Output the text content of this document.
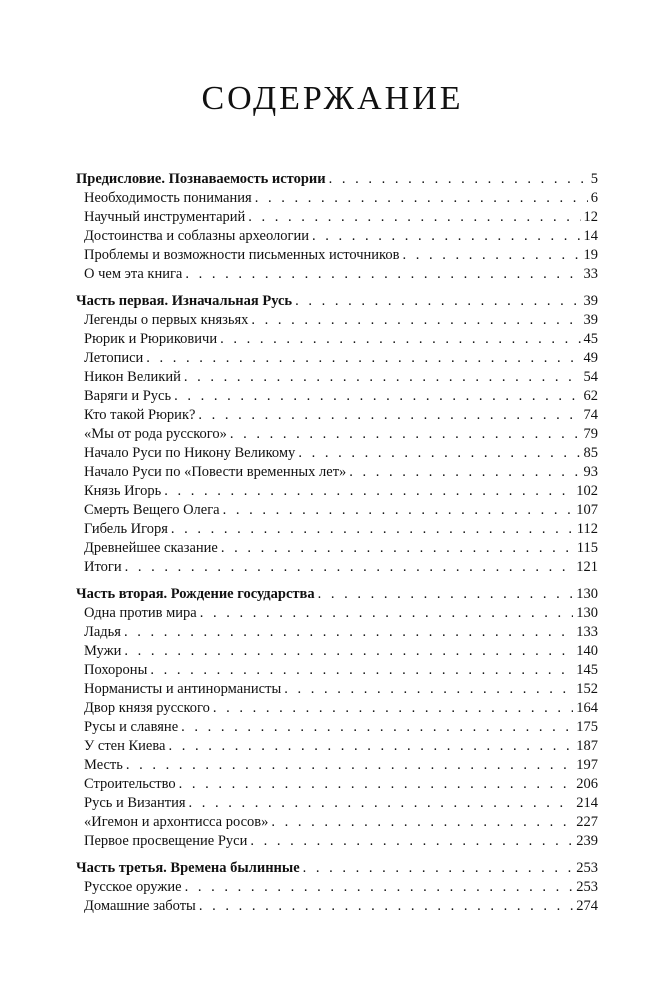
СОДЕРЖАНИЕ
Предисловие. Познаваемость истории . . .	5
Необходимость понимания . . .	6
Научный инструментарий . . .	12
Достоинства и соблазны археологии . . .	14
Проблемы и возможности письменных источников . . .	19
О чем эта книга . . .	33
Часть первая. Изначальная Русь . . .	39
Легенды о первых князьях . . .	39
Рюрик и Рюриковичи . . .	45
Летописи . . .	49
Никон Великий . . .	54
Варяги и Русь . . .	62
Кто такой Рюрик? . . .	74
«Мы от рода русского» . . .	79
Начало Руси по Никону Великому . . .	85
Начало Руси по «Повести временных лет» . . .	93
Князь Игорь . . .	102
Смерть Вещего Олега . . .	107
Гибель Игоря . . .	112
Древнейшее сказание . . .	115
Итоги . . .	121
Часть вторая. Рождение государства . . .	130
Одна против мира . . .	130
Ладья . . .	133
Мужи . . .	140
Похороны . . .	145
Норманисты и антинорманисты . . .	152
Двор князя русского . . .	164
Русы и славяне . . .	175
У стен Киева . . .	187
Месть . . .	197
Строительство . . .	206
Русь и Византия . . .	214
«Игемон и архонтисса росов» . . .	227
Первое просвещение Руси . . .	239
Часть третья. Времена былинные . . .	253
Русское оружие . . .	253
Домашние заботы . . .	274
